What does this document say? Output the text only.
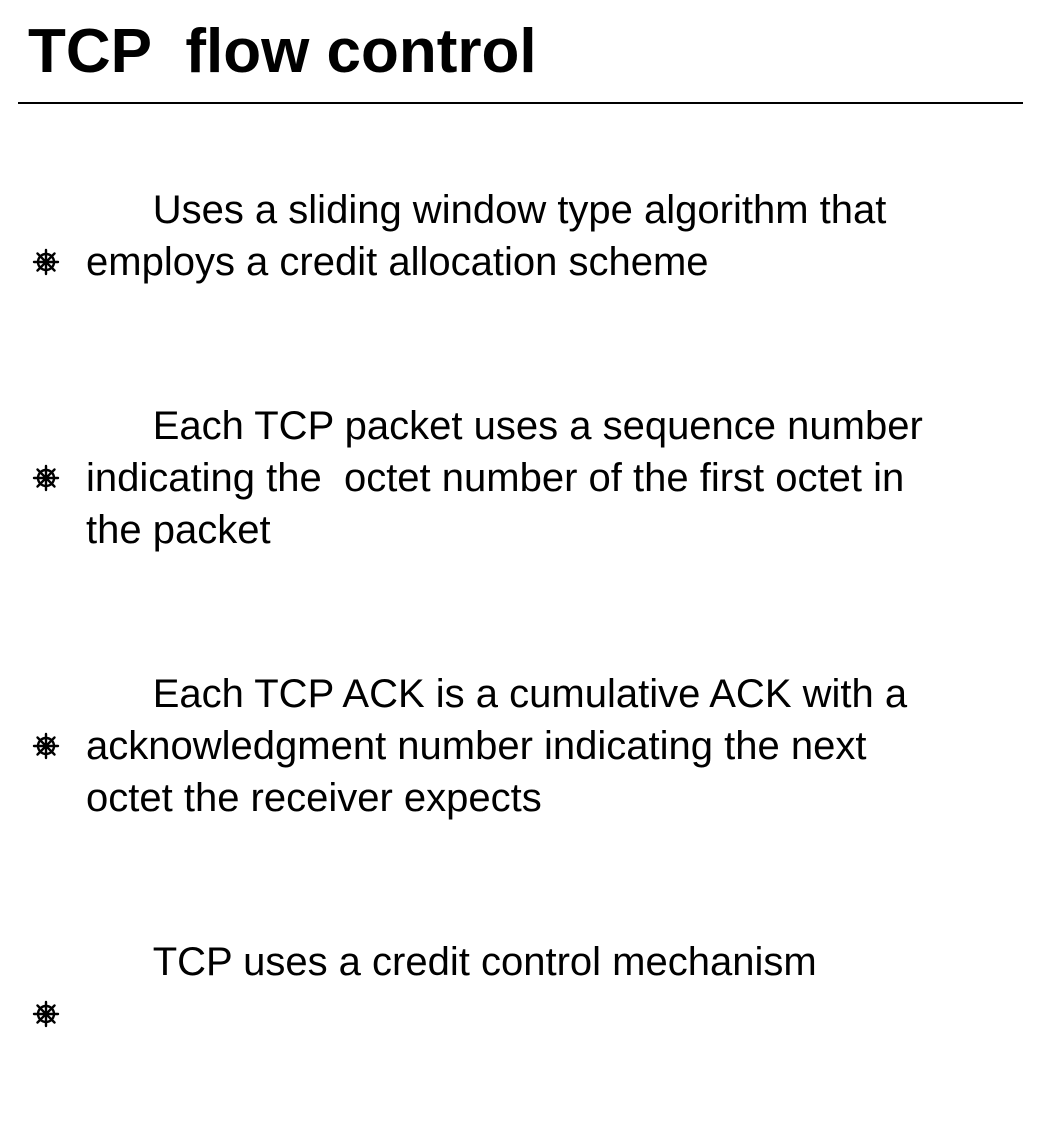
TCP  flow control

Uses a sliding window type algorithm that
employs a credit allocation scheme

Each TCP packet uses a sequence number
indicating the  octet number of the first octet in
the packet

Each TCP ACK is a cumulative ACK with a
acknowledgment number indicating the next
octet the receiver expects

TCP uses a credit control mechanism
